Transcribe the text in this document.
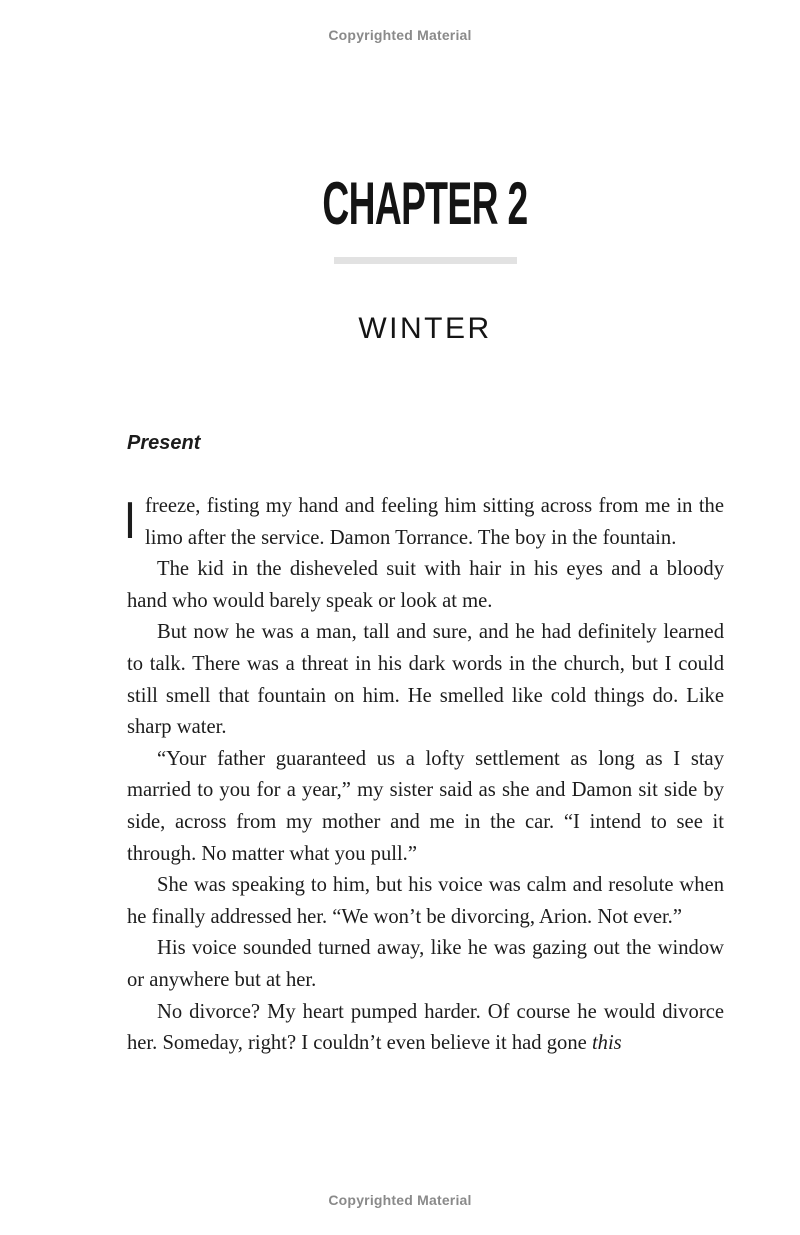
Copyrighted Material
CHAPTER 2
WINTER
Present

I freeze, fisting my hand and feeling him sitting across from me in the limo after the service. Damon Torrance. The boy in the fountain.

The kid in the disheveled suit with hair in his eyes and a bloody hand who would barely speak or look at me.

But now he was a man, tall and sure, and he had definitely learned to talk. There was a threat in his dark words in the church, but I could still smell that fountain on him. He smelled like cold things do. Like sharp water.

“Your father guaranteed us a lofty settlement as long as I stay married to you for a year,” my sister said as she and Damon sit side by side, across from my mother and me in the car. “I intend to see it through. No matter what you pull.”

She was speaking to him, but his voice was calm and resolute when he finally addressed her. “We won’t be divorcing, Arion. Not ever.”

His voice sounded turned away, like he was gazing out the window or anywhere but at her.

No divorce? My heart pumped harder. Of course he would divorce her. Someday, right? I couldn’t even believe it had gone this

Copyrighted Material
